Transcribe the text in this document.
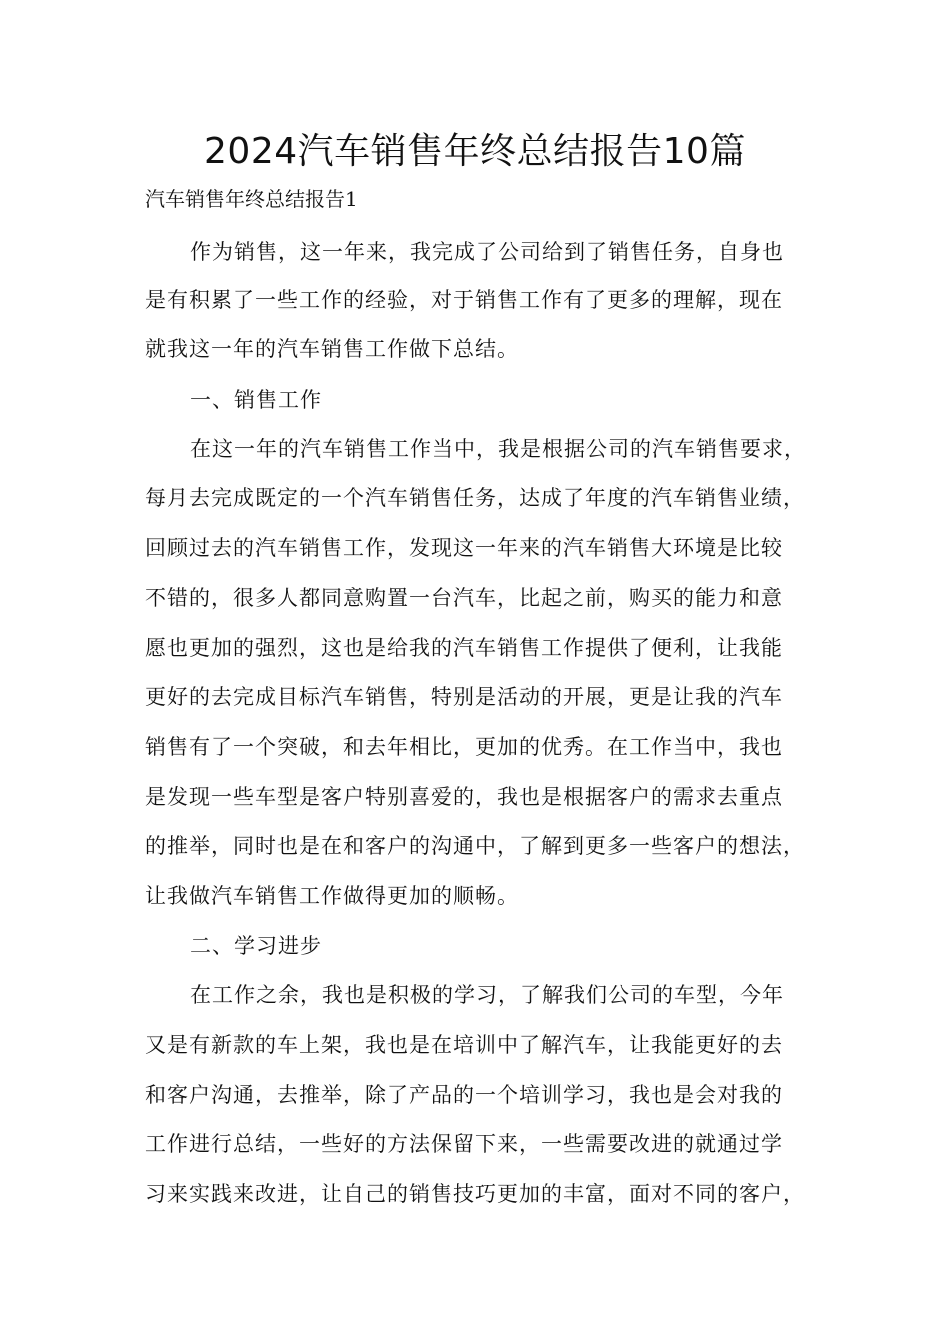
2024汽车销售年终总结报告10篇
汽车销售年终总结报告1
作为销售，这一年来，我完成了公司给到了销售任务，自身也
是有积累了一些工作的经验，对于销售工作有了更多的理解，现在
就我这一年的汽车销售工作做下总结。
一、销售工作
在这一年的汽车销售工作当中，我是根据公司的汽车销售要求，
每月去完成既定的一个汽车销售任务，达成了年度的汽车销售业绩，
回顾过去的汽车销售工作，发现这一年来的汽车销售大环境是比较
不错的，很多人都同意购置一台汽车，比起之前，购买的能力和意
愿也更加的强烈，这也是给我的汽车销售工作提供了便利，让我能
更好的去完成目标汽车销售，特别是活动的开展，更是让我的汽车
销售有了一个突破，和去年相比，更加的优秀。在工作当中，我也
是发现一些车型是客户特别喜爱的，我也是根据客户的需求去重点
的推举，同时也是在和客户的沟通中，了解到更多一些客户的想法，
让我做汽车销售工作做得更加的顺畅。
二、学习进步
在工作之余，我也是积极的学习，了解我们公司的车型，今年
又是有新款的车上架，我也是在培训中了解汽车，让我能更好的去
和客户沟通，去推举，除了产品的一个培训学习，我也是会对我的
工作进行总结，一些好的方法保留下来，一些需要改进的就通过学
习来实践来改进，让自己的销售技巧更加的丰富，面对不同的客户，
